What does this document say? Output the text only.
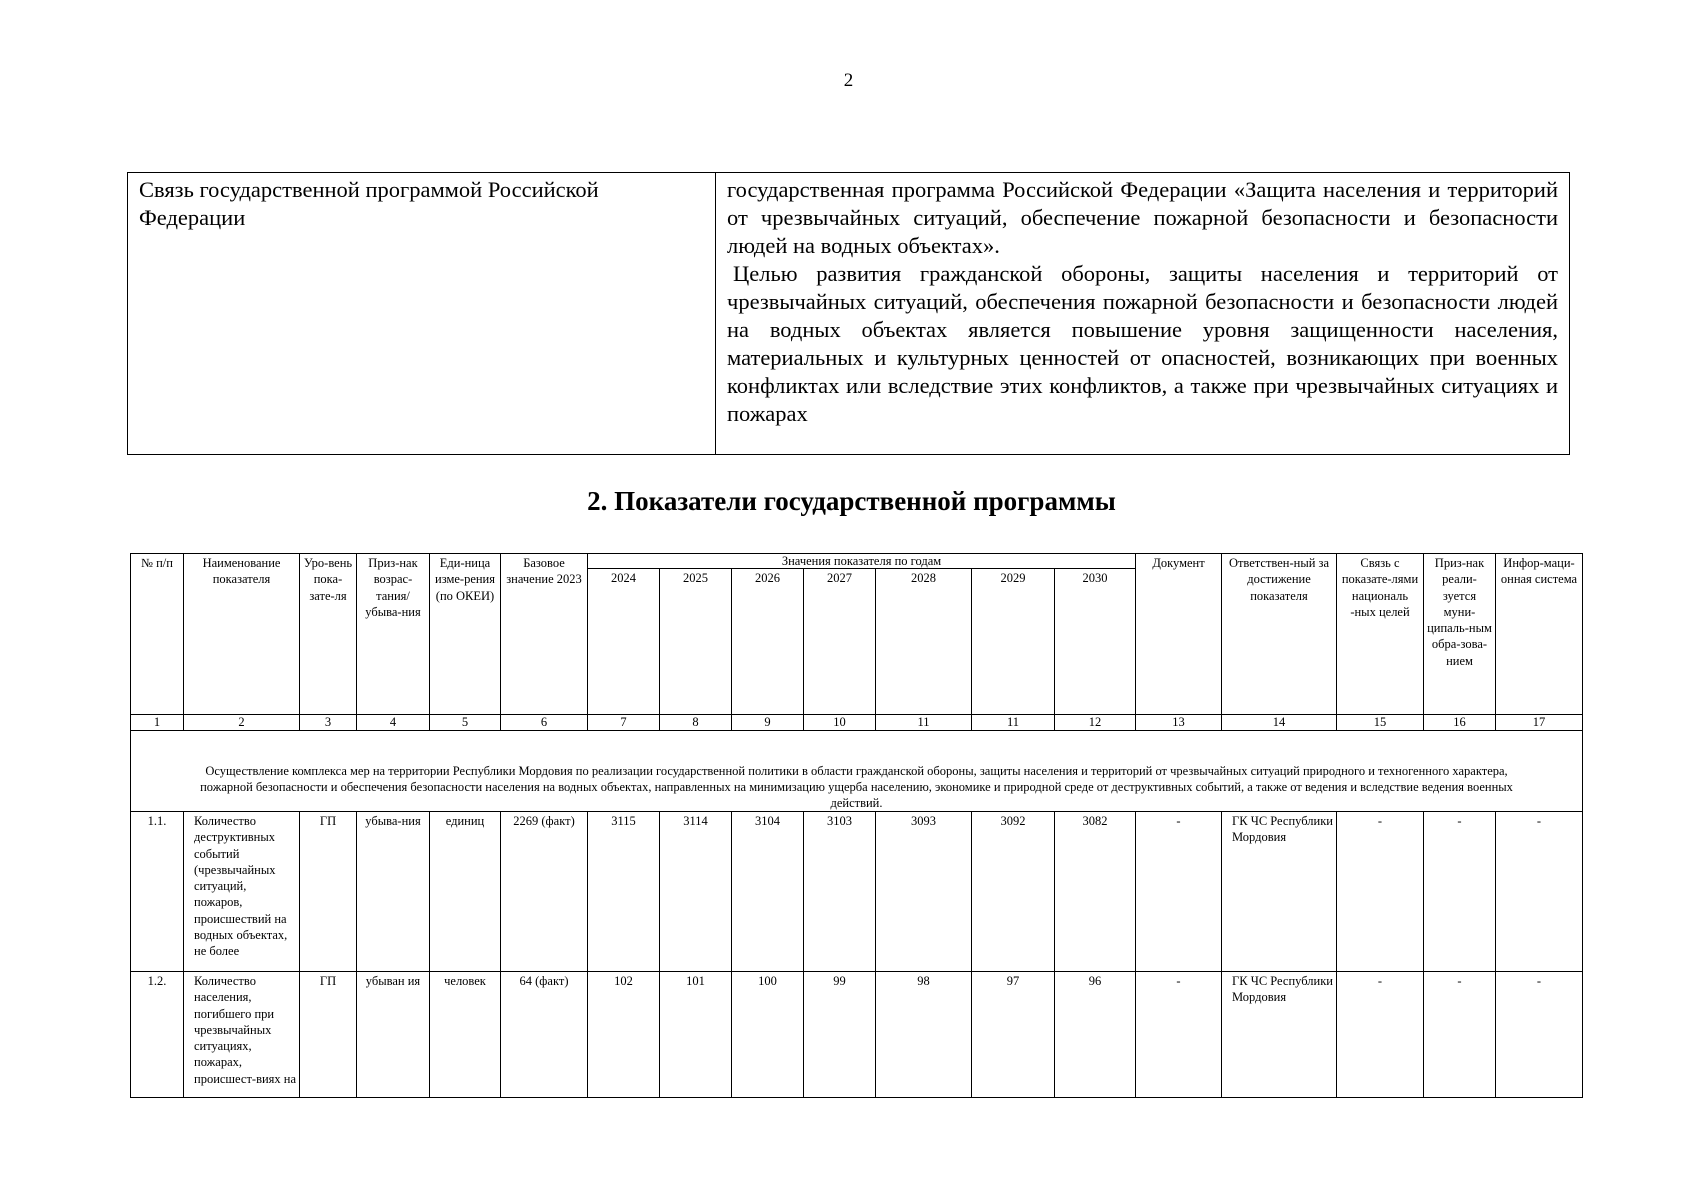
2
Связь государственной программой Российской Федерации	

государственная программа Российской Федерации «Защита населения и территорий от чрезвычайных ситуаций, обеспечение пожарной безопасности и безопасности людей на водных объектах».

Целью развития гражданской обороны, защиты населения и территорий от чрезвычайных ситуаций, обеспечения пожарной безопасности и безопасности людей на водных объектах является повышение уровня защищенности населения, материальных и культурных ценностей от опасностей, возникающих при военных конфликтах или вследствие этих конфликтов, а также при чрезвычайных ситуациях и пожарах

2. Показатели государственной программы
№ п/п	Наименование показателя	Уро-вень пока-зате-ля	Приз-нак возрас-тания/ убыва-ния	Еди-ница изме-рения (по ОКЕИ)	Базовое значение 2023	Значения показателя по годам							Документ	Ответствен-ный за достижение показателя	Связь с показате-лями националь -ных целей	Приз-нак реали-зуется муни-ципаль-ным обра-зова-нием	Инфор-маци-онная система
						2024	2025	2026	2027	2028	2029	2030					
1	2	3	4	5	6	7	8	9	10	11	11	12	13	14	15	16	17
Осуществление комплекса мер на территории Республики Мордовия по реализации государственной политики в области гражданской обороны, защиты населения и территорий от чрезвычайных ситуаций природного и техногенного характера, пожарной безопасности и обеспечения безопасности населения на водных объектах, направленных на минимизацию ущерба населению, экономике и природной среде от деструктивных событий, а также от ведения и вследствие ведения военных действий.																	
1.1.	Количество деструктивных событий (чрезвычайных ситуаций, пожаров, происшествий на водных объектах, не более	ГП	убыва-ния	единиц	2269 (факт)	3115	3114	3104	3103	3093	3092	3082	-	ГК ЧС Республики Мордовия	-	-	-
1.2.	Количество населения, погибшего при чрезвычайных ситуациях, пожарах, происшест-виях на	ГП	убыван ия	человек	64 (факт)	102	101	100	99	98	97	96	-	ГК ЧС Республики Мордовия	-	-	-
